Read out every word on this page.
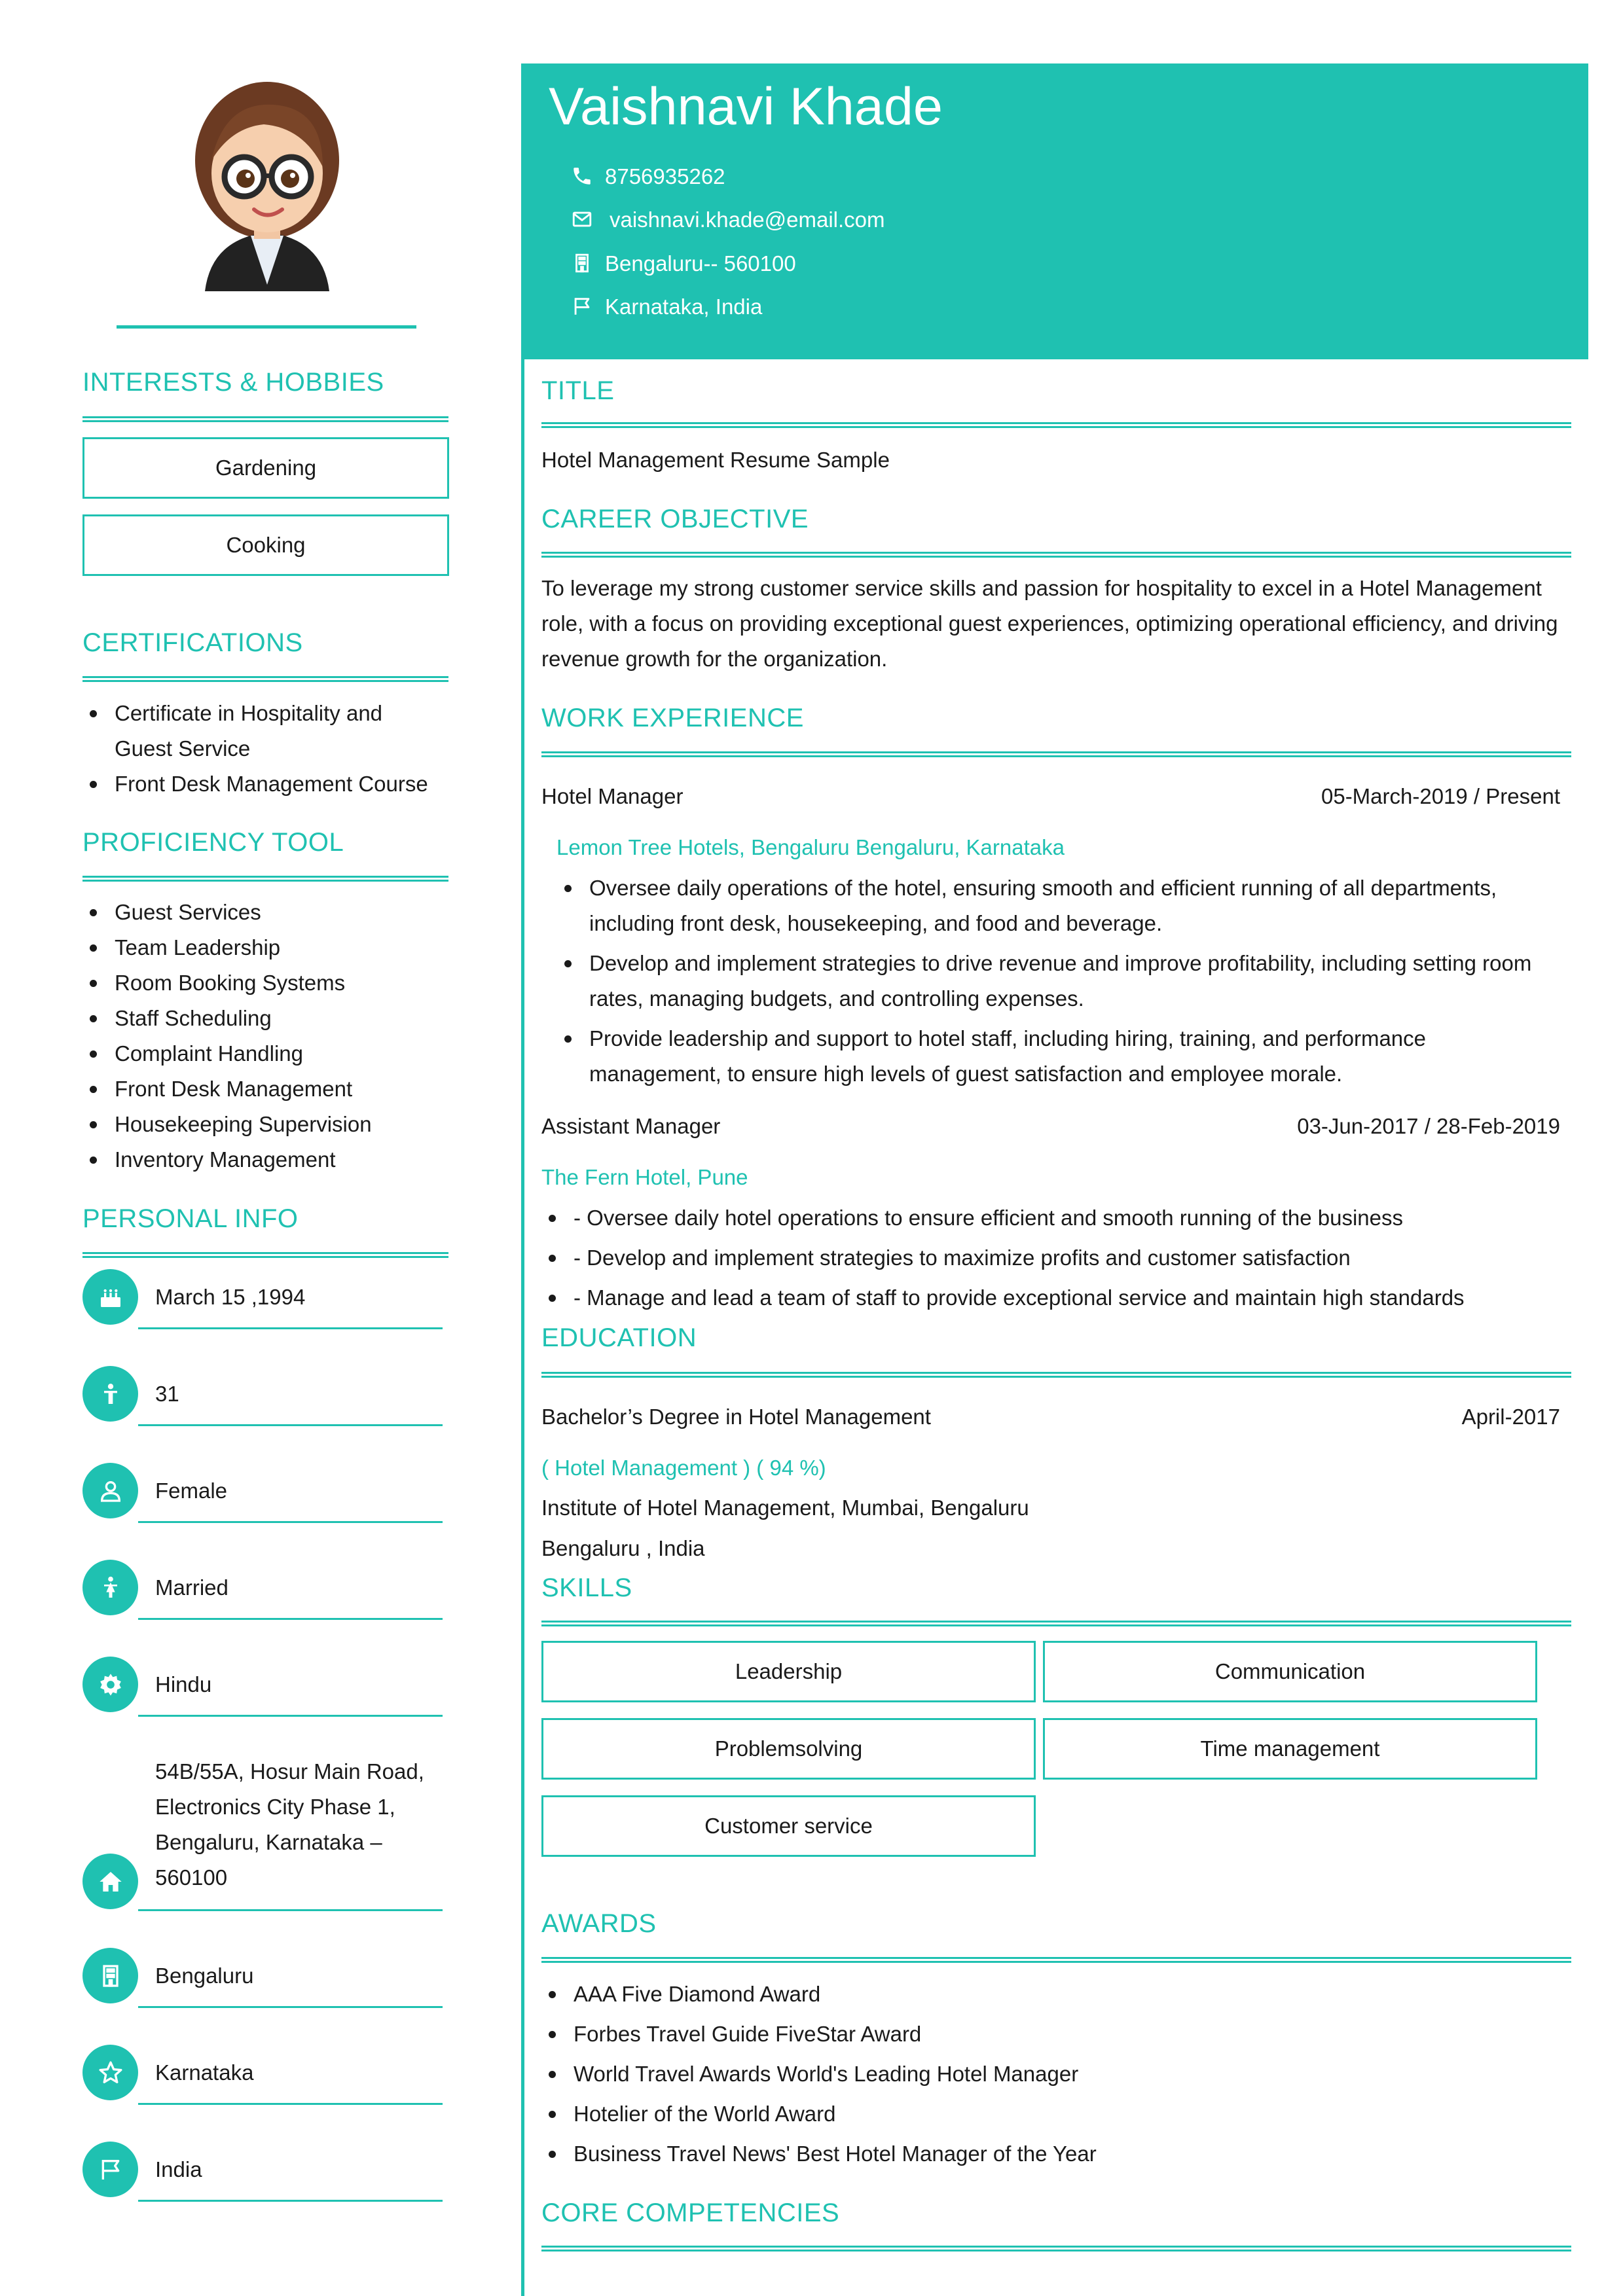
INTERESTS & HOBBIES
Gardening
Cooking
CERTIFICATIONS
Certificate in Hospitality and Guest Service
Front Desk Management Course
PROFICIENCY TOOL
Guest Services
Team Leadership
Room Booking Systems
Staff Scheduling
Complaint Handling
Front Desk Management
Housekeeping Supervision
Inventory Management
PERSONAL INFO
March 15 ,1994
31
Female
Married
Hindu
54B/55A, Hosur Main Road, Electronics City Phase 1, Bengaluru, Karnataka – 560100
Bengaluru
Karnataka
India
Vaishnavi Khade
8756935262
vaishnavi.khade@email.com
Bengaluru-- 560100
Karnataka, India
TITLE
Hotel Management Resume Sample
CAREER OBJECTIVE
To leverage my strong customer service skills and passion for hospitality to excel in a Hotel Management role, with a focus on providing exceptional guest experiences, optimizing operational efficiency, and driving revenue growth for the organization.
WORK EXPERIENCE
Hotel Manager	05-March-2019 / Present
Lemon Tree Hotels, Bengaluru Bengaluru, Karnataka
Oversee daily operations of the hotel, ensuring smooth and efficient running of all departments, including front desk, housekeeping, and food and beverage.
Develop and implement strategies to drive revenue and improve profitability, including setting room rates, managing budgets, and controlling expenses.
Provide leadership and support to hotel staff, including hiring, training, and performance management, to ensure high levels of guest satisfaction and employee morale.
Assistant Manager	03-Jun-2017 / 28-Feb-2019
The Fern Hotel, Pune
- Oversee daily hotel operations to ensure efficient and smooth running of the business
- Develop and implement strategies to maximize profits and customer satisfaction
- Manage and lead a team of staff to provide exceptional service and maintain high standards
EDUCATION
Bachelor’s Degree in Hotel Management	April-2017
( Hotel Management ) ( 94 %)
Institute of Hotel Management, Mumbai, Bengaluru
Bengaluru , India
SKILLS
Leadership	Communication
Problemsolving	Time management
Customer service
AWARDS
AAA Five Diamond Award
Forbes Travel Guide FiveStar Award
World Travel Awards World's Leading Hotel Manager
Hotelier of the World Award
Business Travel News' Best Hotel Manager of the Year
CORE COMPETENCIES
